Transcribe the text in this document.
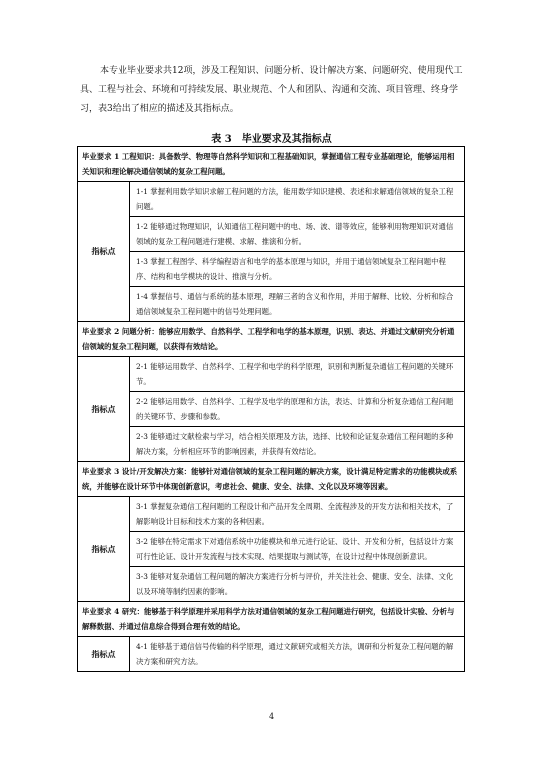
本专业毕业要求共12项，涉及工程知识、问题分析、设计解决方案、问题研究、使用现代工具、工程与社会、环境和可持续发展、职业规范、个人和团队、沟通和交流、项目管理、终身学习，表3给出了相应的描述及其指标点。

表 3　毕业要求及其指标点

毕业要求 1 工程知识：具备数学、物理等自然科学知识和工程基础知识，掌握通信工程专业基础理论，能够运用相关知识和理论解决通信领域的复杂工程问题。	
指标点	1-1 掌握利用数学知识求解工程问题的方法，能用数学知识建模、表述和求解通信领域的复杂工程问题。
	1-2 能够通过物理知识，认知通信工程问题中的电、场、波、谱等效应，能够利用物理知识对通信领域的复杂工程问题进行建模、求解、推演和分析。
	1-3 掌握工程图学、科学编程语言和电学的基本原理与知识，并用于通信领域复杂工程问题中程序、结构和电学模块的设计、推演与分析。
	1-4 掌握信号、通信与系统的基本原理，理解三者的含义和作用，并用于解释、比较、分析和综合通信领域复杂工程问题中的信号处理问题。
毕业要求 2 问题分析：能够应用数学、自然科学、工程学和电学的基本原理，识别、表达、并通过文献研究分析通信领域的复杂工程问题，以获得有效结论。	
指标点	2-1 能够运用数学、自然科学、工程学和电学的科学原理，识别和判断复杂通信工程问题的关键环节。
	2-2 能够运用数学、自然科学、工程学及电学的原理和方法，表达、计算和分析复杂通信工程问题的关键环节、步骤和参数。
	2-3 能够通过文献检索与学习，结合相关原理及方法，选择、比较和论证复杂通信工程问题的多种解决方案，分析相应环节的影响因素，并获得有效结论。
毕业要求 3 设计/开发解决方案：能够针对通信领域的复杂工程问题的解决方案，设计满足特定需求的功能模块或系统，并能够在设计环节中体现创新意识，考虑社会、健康、安全、法律、文化以及环境等因素。	
指标点	3-1 掌握复杂通信工程问题的工程设计和产品开发全周期、全流程涉及的开发方法和相关技术，了解影响设计目标和技术方案的各种因素。
	3-2 能够在特定需求下对通信系统中功能模块和单元进行论证、设计、开发和分析，包括设计方案可行性论证、设计开发流程与技术实现、结果提取与测试等，在设计过程中体现创新意识。
	3-3 能够对复杂通信工程问题的解决方案进行分析与评价，并关注社会、健康、安全、法律、文化以及环境等制约因素的影响。
毕业要求 4 研究：能够基于科学原理并采用科学方法对通信领域的复杂工程问题进行研究，包括设计实验、分析与解释数据、并通过信息综合得到合理有效的结论。	
指标点	4-1 能够基于通信信号传输的科学原理，通过文献研究或相关方法，调研和分析复杂工程问题的解决方案和研究方法。
4
